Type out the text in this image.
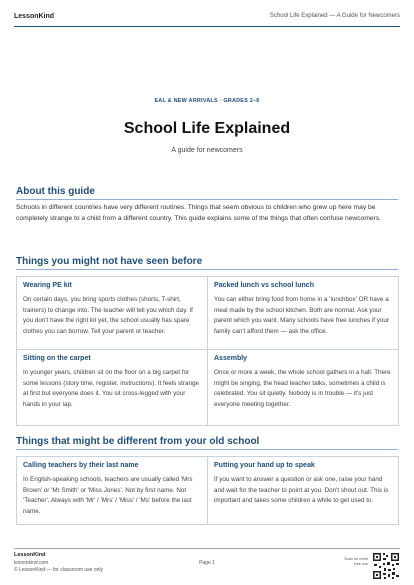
LessonKind	School Life Explained — A Guide for Newcomers
EAL & NEW ARRIVALS · GRADES 2–6
School Life Explained
A guide for newcomers
About this guide

Schools in different countries have very different routines. Things that seem obvious to children who grew up here may be completely strange to a child from a different country. This guide explains some of the things that often confuse newcomers.

Things you might not have seen before

Wearing PE kit

On certain days, you bring sports clothes (shorts, T-shirt, trainers) to change into. The teacher will tell you which day. If you don't have the right kit yet, the school usually has spare clothes you can borrow. Tell your parent or teacher.

Packed lunch vs school lunch

You can either bring food from home in a 'lunchbox' OR have a meal made by the school kitchen. Both are normal. Ask your parent which you want. Many schools have free lunches if your family can't afford them — ask the office.

Sitting on the carpet

In younger years, children sit on the floor on a big carpet for some lessons (story time, register, instructions). It feels strange at first but everyone does it. You sit cross-legged with your hands in your lap.

Assembly

Once or more a week, the whole school gathers in a hall. There might be singing, the head teacher talks, sometimes a child is celebrated. You sit quietly. Nobody is in trouble — it's just everyone meeting together.

Things that might be different from your old school

Calling teachers by their last name

In English-speaking schools, teachers are usually called 'Mrs Brown' or 'Mr Smith' or 'Miss Jones'. Not by first name. Not 'Teacher'. Always with 'Mr' / 'Mrs' / 'Miss' / 'Ms' before the last name.

Putting your hand up to speak

If you want to answer a question or ask one, raise your hand and wait for the teacher to point at you. Don't shout out. This is important and takes some children a while to get used to.

LessonKind
lessonkind.com
© LessonKind — for classroom use only
Page 1
Scan for more free use
